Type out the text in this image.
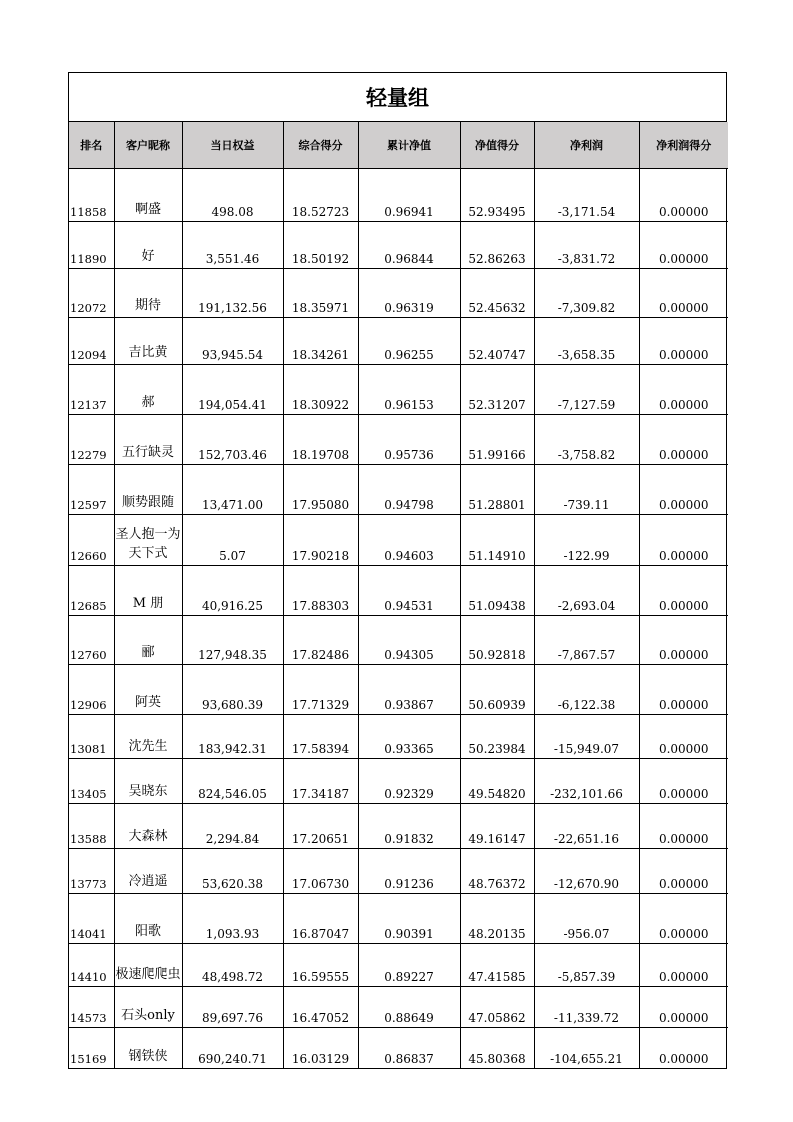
轻量组
排名	客户昵称	当日权益	综合得分	累计净值	净值得分	净利润	净利润得分
11858	啊盛	498.08	18.52723	0.96941	52.93495	-3,171.54	0.00000
11890	好	3,551.46	18.50192	0.96844	52.86263	-3,831.72	0.00000
12072	期待	191,132.56	18.35971	0.96319	52.45632	-7,309.82	0.00000
12094	吉比黄	93,945.54	18.34261	0.96255	52.40747	-3,658.35	0.00000
12137	郝	194,054.41	18.30922	0.96153	52.31207	-7,127.59	0.00000
12279	五行缺灵	152,703.46	18.19708	0.95736	51.99166	-3,758.82	0.00000
12597	顺势跟随	13,471.00	17.95080	0.94798	51.28801	-739.11	0.00000
12660	圣人抱一为天下式	5.07	17.90218	0.94603	51.14910	-122.99	0.00000
12685	M 朋	40,916.25	17.88303	0.94531	51.09438	-2,693.04	0.00000
12760	郦	127,948.35	17.82486	0.94305	50.92818	-7,867.57	0.00000
12906	阿英	93,680.39	17.71329	0.93867	50.60939	-6,122.38	0.00000
13081	沈先生	183,942.31	17.58394	0.93365	50.23984	-15,949.07	0.00000
13405	吴晓东	824,546.05	17.34187	0.92329	49.54820	-232,101.66	0.00000
13588	大森林	2,294.84	17.20651	0.91832	49.16147	-22,651.16	0.00000
13773	冷逍遥	53,620.38	17.06730	0.91236	48.76372	-12,670.90	0.00000
14041	阳歌	1,093.93	16.87047	0.90391	48.20135	-956.07	0.00000
14410	极速爬爬虫	48,498.72	16.59555	0.89227	47.41585	-5,857.39	0.00000
14573	石头only	89,697.76	16.47052	0.88649	47.05862	-11,339.72	0.00000
15169	钢铁侠	690,240.71	16.03129	0.86837	45.80368	-104,655.21	0.00000
